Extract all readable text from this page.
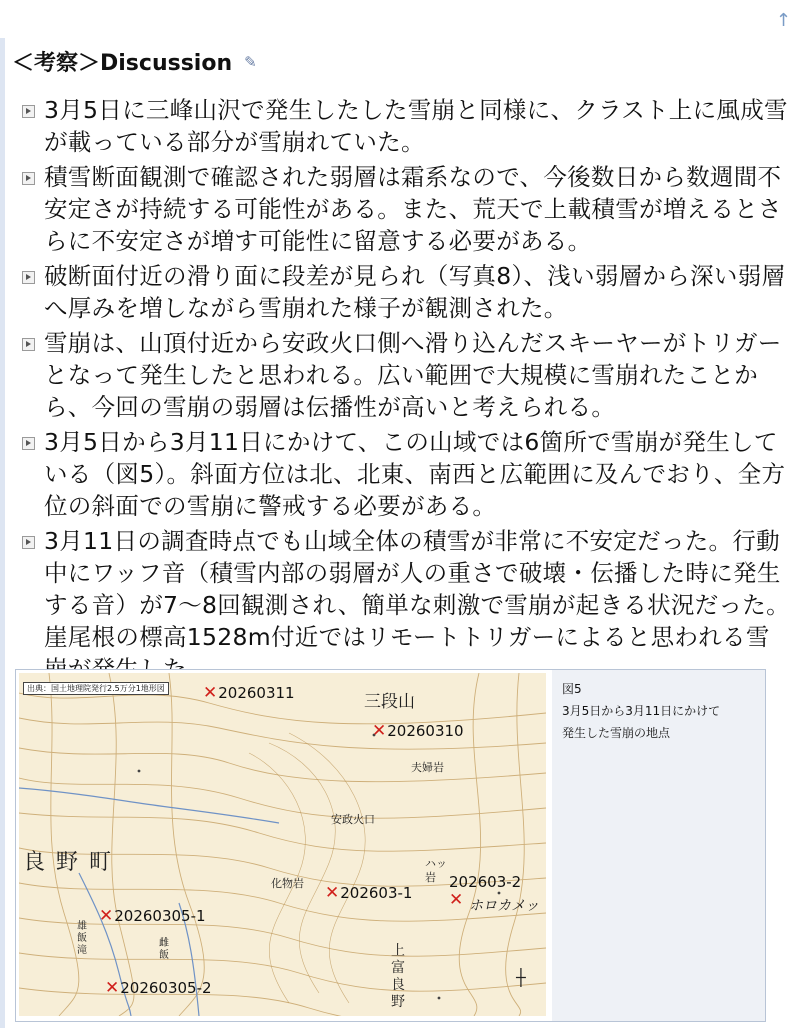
↑
＜考察＞Discussion ✎
3月5日に三峰山沢で発生したした雪崩と同様に、クラスト上に風成雪が載っている部分が雪崩れていた。
積雪断面観測で確認された弱層は霜系なので、今後数日から数週間不安定さが持続する可能性がある。また、荒天で上載積雪が増えるとさらに不安定さが増す可能性に留意する必要がある。
破断面付近の滑り面に段差が見られ（写真8）、浅い弱層から深い弱層へ厚みを増しながら雪崩れた様子が観測された。
雪崩は、山頂付近から安政火口側へ滑り込んだスキーヤーがトリガーとなって発生したと思われる。広い範囲で大規模に雪崩れたことから、今回の雪崩の弱層は伝播性が高いと考えられる。
3月5日から3月11日にかけて、この山域では6箇所で雪崩が発生している（図5）。斜面方位は北、北東、南西と広範囲に及んでおり、全方位の斜面での雪崩に警戒する必要がある。
3月11日の調査時点でも山域全体の積雪が非常に不安定だった。行動中にワッフ音（積雪内部の弱層が人の重さで破壊・伝播した時に発生する音）が7〜8回観測され、簡単な刺激で雪崩が起きる状況だった。崖尾根の標高1528m付近ではリモートトリガーによると思われる雪
出典：国土地理院発行2.5万分1地形図
三段山
良 野 町
夫婦岩
安政火口
化物岩
ハッ
岩
ホロカメッ
上
富
良
野
雄
飯
滝
雌
飯
✕ 20260311
✕ 20260310
✕ 202603-1
202603-2
✕
✕ 20260305-1
✕ 20260305-2
┼
図5
3月5日から3月11日にかけて
発生した雪崩の地点
